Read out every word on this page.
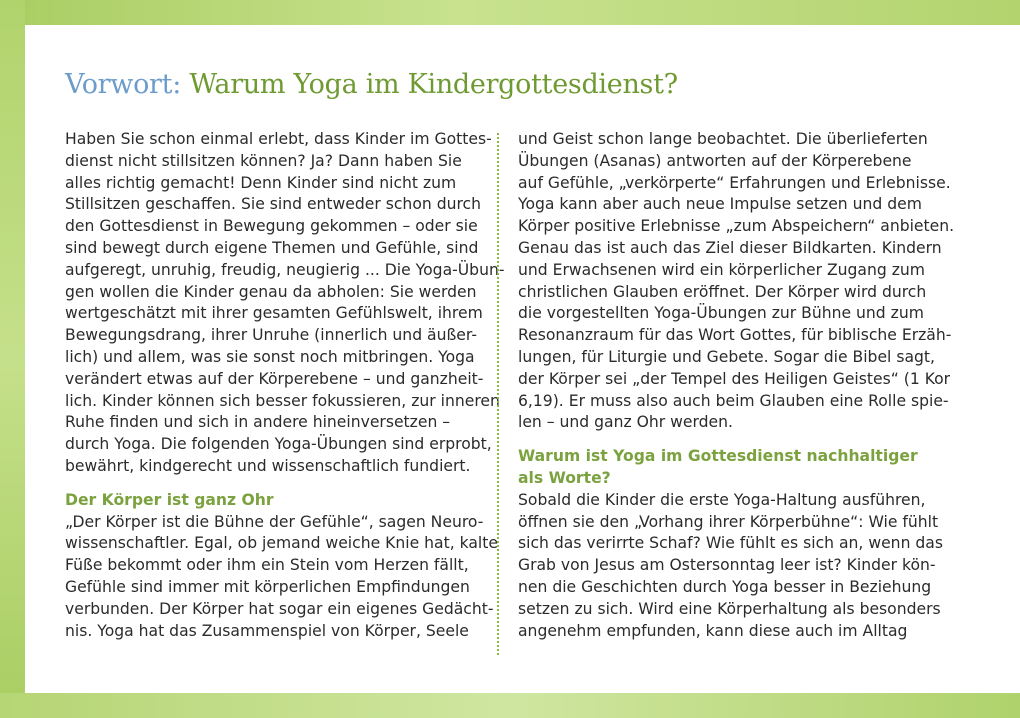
Vorwort: Warum Yoga im Kindergottesdienst?
Haben Sie schon einmal erlebt, dass Kinder im Gottes-
dienst nicht stillsitzen können? Ja? Dann haben Sie
alles richtig gemacht! Denn Kinder sind nicht zum
Stillsitzen geschaffen. Sie sind entweder schon durch
den Gottesdienst in Bewegung gekommen – oder sie
sind bewegt durch eigene Themen und Gefühle, sind
aufgeregt, unruhig, freudig, neugierig ... Die Yoga-Übun-
gen wollen die Kinder genau da abholen: Sie werden
wertgeschätzt mit ihrer gesamten Gefühlswelt, ihrem
Bewegungsdrang, ihrer Unruhe (innerlich und äußer-
lich) und allem, was sie sonst noch mitbringen. Yoga
verändert etwas auf der Körperebene – und ganzheit-
lich. Kinder können sich besser fokussieren, zur inneren
Ruhe finden und sich in andere hineinversetzen –
durch Yoga. Die folgenden Yoga-Übungen sind erprobt,
bewährt, kindgerecht und wissenschaftlich fundiert.
Der Körper ist ganz Ohr
„Der Körper ist die Bühne der Gefühle“, sagen Neuro-
wissenschaftler. Egal, ob jemand weiche Knie hat, kalte
Füße bekommt oder ihm ein Stein vom Herzen fällt,
Gefühle sind immer mit körperlichen Empfindungen
verbunden. Der Körper hat sogar ein eigenes Gedächt-
nis. Yoga hat das Zusammenspiel von Körper, Seele
und Geist schon lange beobachtet. Die überlieferten
Übungen (Asanas) antworten auf der Körperebene
auf Gefühle, „verkörperte“ Erfahrungen und Erlebnisse.
Yoga kann aber auch neue Impulse setzen und dem
Körper positive Erlebnisse „zum Abspeichern“ anbieten.
Genau das ist auch das Ziel dieser Bildkarten. Kindern
und Erwachsenen wird ein körperlicher Zugang zum
christlichen Glauben eröffnet. Der Körper wird durch
die vorgestellten Yoga-Übungen zur Bühne und zum
Resonanzraum für das Wort Gottes, für biblische Erzäh-
lungen, für Liturgie und Gebete. Sogar die Bibel sagt,
der Körper sei „der Tempel des Heiligen Geistes“ (1 Kor
6,19). Er muss also auch beim Glauben eine Rolle spie-
len – und ganz Ohr werden.
Warum ist Yoga im Gottesdienst nachhaltiger
als Worte?
Sobald die Kinder die erste Yoga-Haltung ausführen,
öffnen sie den „Vorhang ihrer Körperbühne“: Wie fühlt
sich das verirrte Schaf? Wie fühlt es sich an, wenn das
Grab von Jesus am Ostersonntag leer ist? Kinder kön-
nen die Geschichten durch Yoga besser in Beziehung
setzen zu sich. Wird eine Körperhaltung als besonders
angenehm empfunden, kann diese auch im Alltag
